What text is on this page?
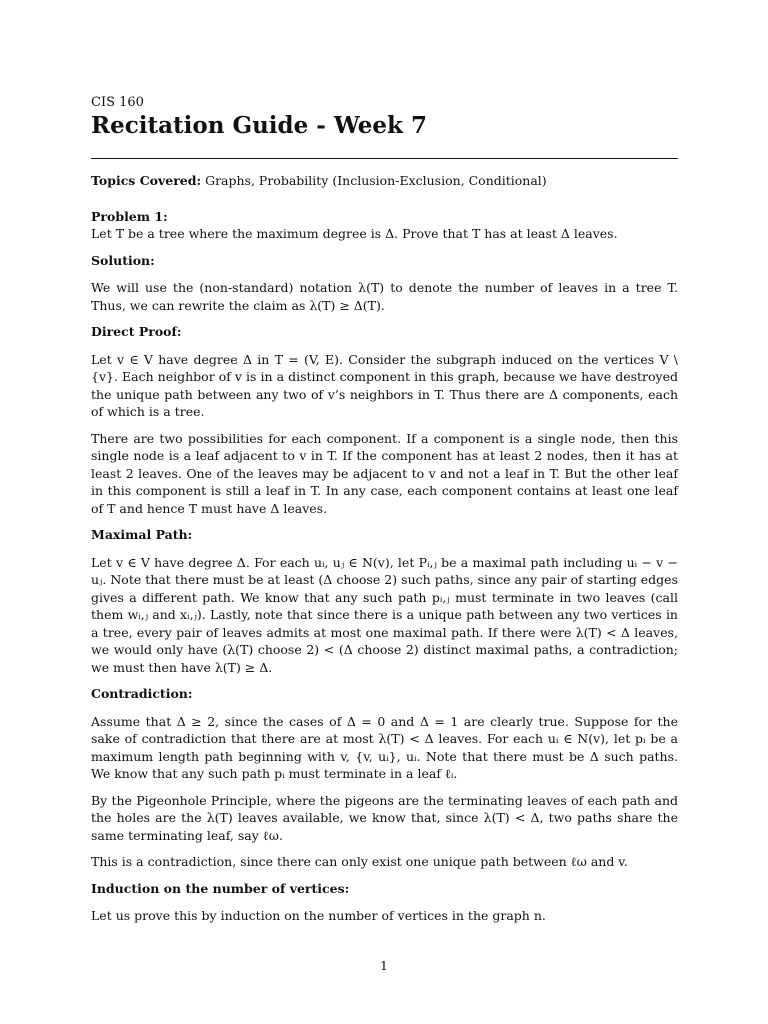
CIS 160
Recitation Guide - Week 7

Topics Covered: Graphs, Probability (Inclusion-Exclusion, Conditional)

Problem 1:

Let T be a tree where the maximum degree is Δ. Prove that T has at least Δ leaves.

Solution:

We will use the (non-standard) notation λ(T) to denote the number of leaves in a tree T. Thus, we can rewrite the claim as λ(T) ≥ Δ(T).

Direct Proof:

Let v ∈ V have degree Δ in T = (V, E). Consider the subgraph induced on the vertices V \ {v}. Each neighbor of v is in a distinct component in this graph, because we have destroyed the unique path between any two of v’s neighbors in T. Thus there are Δ components, each of which is a tree.

There are two possibilities for each component. If a component is a single node, then this single node is a leaf adjacent to v in T. If the component has at least 2 nodes, then it has at least 2 leaves. One of the leaves may be adjacent to v and not a leaf in T. But the other leaf in this component is still a leaf in T. In any case, each component contains at least one leaf of T and hence T must have Δ leaves.

Maximal Path:

Let v ∈ V have degree Δ. For each uᵢ, uⱼ ∈ N(v), let Pᵢ,ⱼ be a maximal path including uᵢ − v − uⱼ. Note that there must be at least (Δ choose 2) such paths, since any pair of starting edges gives a different path. We know that any such path pᵢ,ⱼ must terminate in two leaves (call them wᵢ,ⱼ and xᵢ,ⱼ). Lastly, note that since there is a unique path between any two vertices in a tree, every pair of leaves admits at most one maximal path. If there were λ(T) < Δ leaves, we would only have (λ(T) choose 2) < (Δ choose 2) distinct maximal paths, a contradiction; we must then have λ(T) ≥ Δ.

Contradiction:

Assume that Δ ≥ 2, since the cases of Δ = 0 and Δ = 1 are clearly true. Suppose for the sake of contradiction that there are at most λ(T) < Δ leaves. For each uᵢ ∈ N(v), let pᵢ be a maximum length path beginning with v, {v, uᵢ}, uᵢ. Note that there must be Δ such paths. We know that any such path pᵢ must terminate in a leaf ℓᵢ.

By the Pigeonhole Principle, where the pigeons are the terminating leaves of each path and the holes are the λ(T) leaves available, we know that, since λ(T) < Δ, two paths share the same terminating leaf, say ℓω.

This is a contradiction, since there can only exist one unique path between ℓω and v.

Induction on the number of vertices:

Let us prove this by induction on the number of vertices in the graph n.

1
